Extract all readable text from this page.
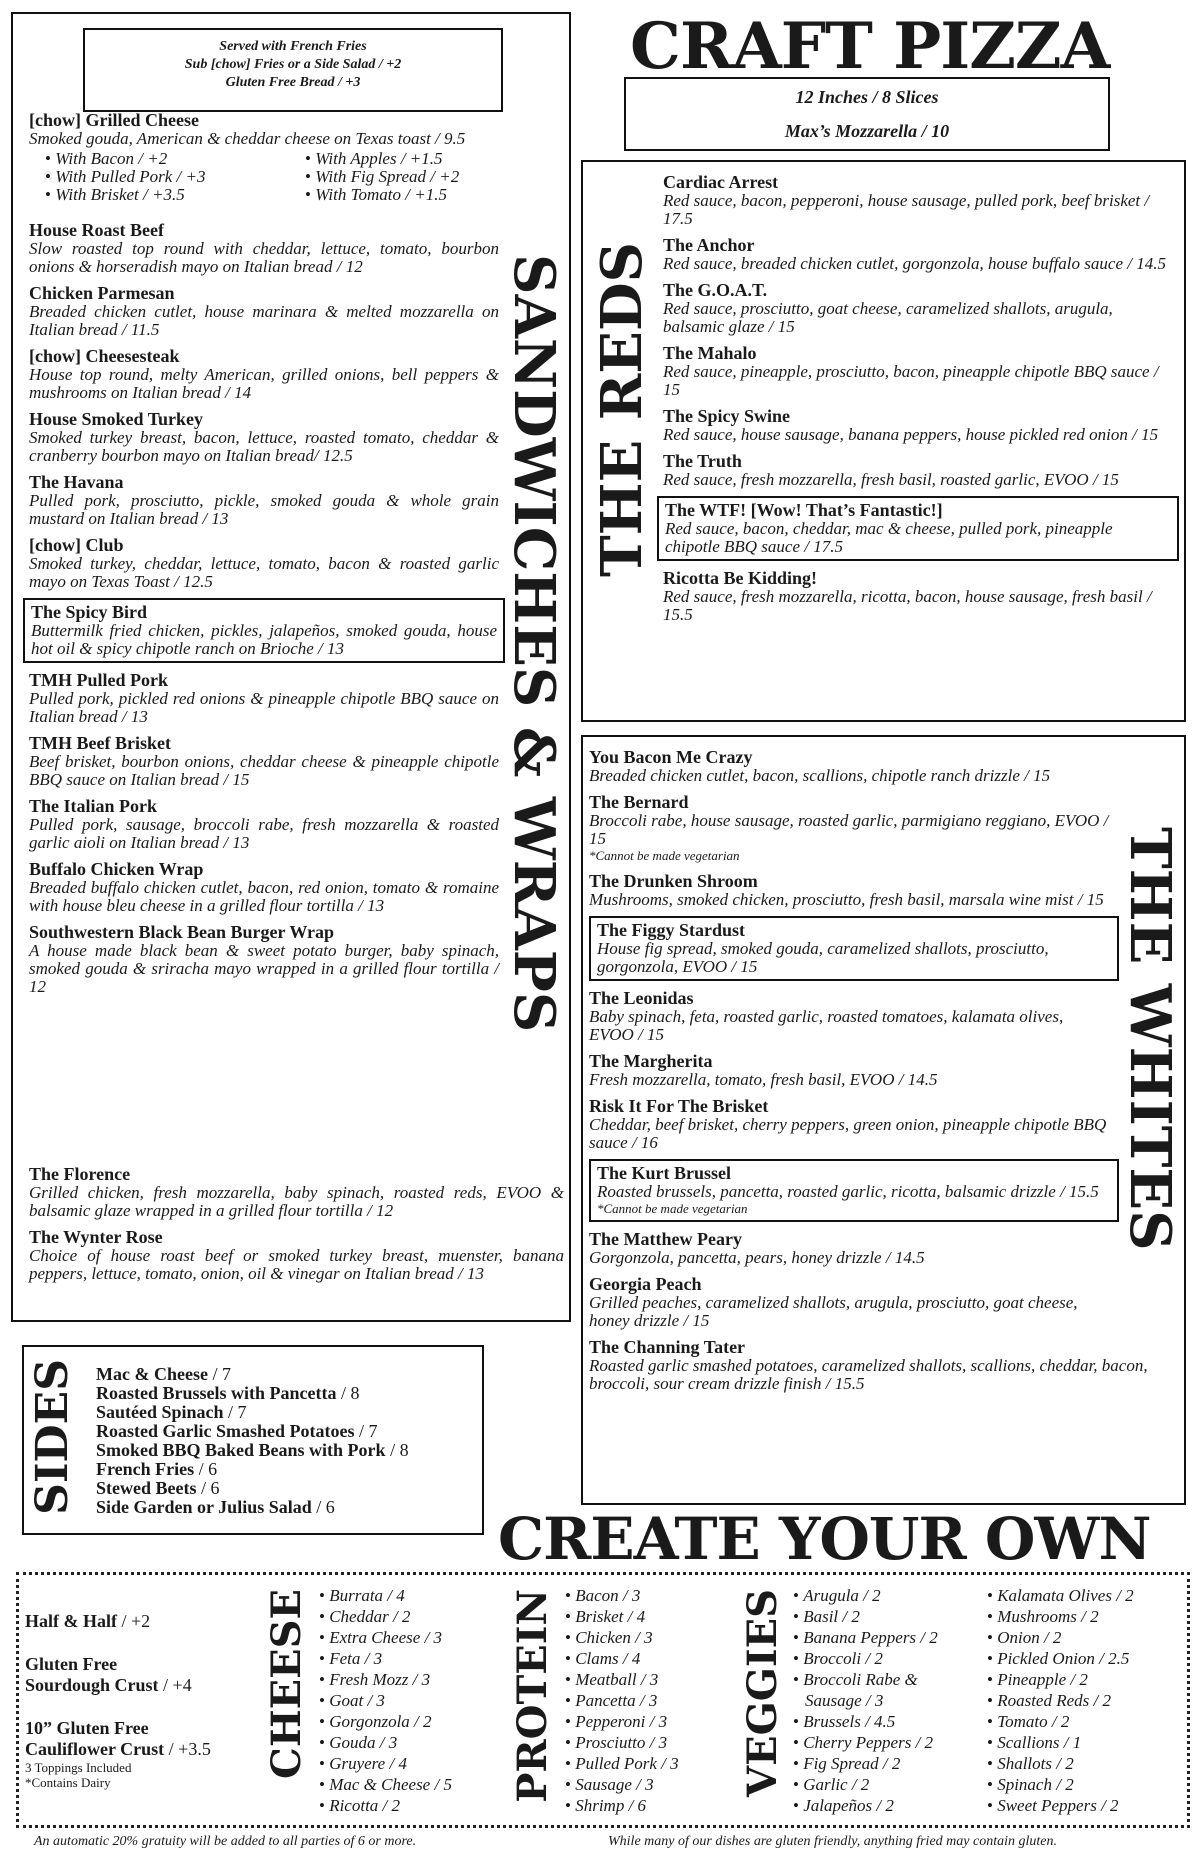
Served with French Fries
Sub [chow] Fries or a Side Salad / +2
Gluten Free Bread / +3
[chow] Grilled Cheese
Smoked gouda, American & cheddar cheese on Texas toast / 9.5
• With Bacon / +2	• With Apples / +1.5
• With Pulled Pork / +3	• With Fig Spread / +2
• With Brisket / +3.5	• With Tomato / +1.5
House Roast Beef
Slow roasted top round with cheddar, lettuce, tomato, bourbon onions & horseradish mayo on Italian bread / 12
Chicken Parmesan
Breaded chicken cutlet, house marinara & melted mozzarella on Italian bread / 11.5
[chow] Cheesesteak
House top round, melty American, grilled onions, bell peppers & mushrooms on Italian bread / 14
House Smoked Turkey
Smoked turkey breast, bacon, lettuce, roasted tomato, cheddar & cranberry bourbon mayo on Italian bread/ 12.5
The Havana
Pulled pork, prosciutto, pickle, smoked gouda & whole grain mustard on Italian bread / 13
[chow] Club
Smoked turkey, cheddar, lettuce, tomato, bacon & roasted garlic mayo on Texas Toast / 12.5
The Spicy Bird
Buttermilk fried chicken, pickles, jalapeños, smoked gouda, house hot oil & spicy chipotle ranch on Brioche / 13
TMH Pulled Pork
Pulled pork, pickled red onions & pineapple chipotle BBQ sauce on Italian bread / 13
TMH Beef Brisket
Beef brisket, bourbon onions, cheddar cheese & pineapple chipotle BBQ sauce on Italian bread / 15
The Italian Pork
Pulled pork, sausage, broccoli rabe, fresh mozzarella & roasted garlic aioli on Italian bread / 13
Buffalo Chicken Wrap
Breaded buffalo chicken cutlet, bacon, red onion, tomato & romaine with house bleu cheese in a grilled flour tortilla / 13
Southwestern Black Bean Burger Wrap
A house made black bean & sweet potato burger, baby spinach, smoked gouda & sriracha mayo wrapped in a grilled flour tortilla / 12
The Florence
Grilled chicken, fresh mozzarella, baby spinach, roasted reds, EVOO & balsamic glaze wrapped in a grilled flour tortilla / 12
The Wynter Rose
Choice of house roast beef or smoked turkey breast, muenster, banana peppers, lettuce, tomato, onion, oil & vinegar on Italian bread / 13
SANDWICHES & WRAPS
CRAFT PIZZA
12 Inches / 8 Slices
Max’s Mozzarella / 10
THE REDS
Cardiac Arrest
Red sauce, bacon, pepperoni, house sausage, pulled pork, beef brisket / 17.5
The Anchor
Red sauce, breaded chicken cutlet, gorgonzola, house buffalo sauce / 14.5
The G.O.A.T.
Red sauce, prosciutto, goat cheese, caramelized shallots, arugula, balsamic glaze / 15
The Mahalo
Red sauce, pineapple, prosciutto, bacon, pineapple chipotle BBQ sauce / 15
The Spicy Swine
Red sauce, house sausage, banana peppers, house pickled red onion / 15
The Truth
Red sauce, fresh mozzarella, fresh basil, roasted garlic, EVOO / 15
The WTF! [Wow! That’s Fantastic!]
Red sauce, bacon, cheddar, mac & cheese, pulled pork, pineapple chipotle BBQ sauce / 17.5
Ricotta Be Kidding!
Red sauce, fresh mozzarella, ricotta, bacon, house sausage, fresh basil / 15.5
You Bacon Me Crazy
Breaded chicken cutlet, bacon, scallions, chipotle ranch drizzle / 15
The Bernard
Broccoli rabe, house sausage, roasted garlic, parmigiano reggiano, EVOO / 15
*Cannot be made vegetarian
The Drunken Shroom
Mushrooms, smoked chicken, prosciutto, fresh basil, marsala wine mist / 15
The Figgy Stardust
House fig spread, smoked gouda, caramelized shallots, prosciutto, gorgonzola, EVOO / 15
The Leonidas
Baby spinach, feta, roasted garlic, roasted tomatoes, kalamata olives, EVOO / 15
The Margherita
Fresh mozzarella, tomato, fresh basil, EVOO / 14.5
Risk It For The Brisket
Cheddar, beef brisket, cherry peppers, green onion, pineapple chipotle BBQ sauce / 16
The Kurt Brussel
Roasted brussels, pancetta, roasted garlic, ricotta, balsamic drizzle / 15.5
*Cannot be made vegetarian
The Matthew Peary
Gorgonzola, pancetta, pears, honey drizzle / 14.5
Georgia Peach
Grilled peaches, caramelized shallots, arugula, prosciutto, goat cheese, honey drizzle / 15
The Channing Tater
Roasted garlic smashed potatoes, caramelized shallots, scallions, cheddar, bacon, broccoli, sour cream drizzle finish / 15.5
THE WHITES
SIDES Mac & Cheese / 7
Roasted Brussels with Pancetta / 8
Sautéed Spinach / 7
Roasted Garlic Smashed Potatoes / 7
Smoked BBQ Baked Beans with Pork / 8
French Fries / 6
Stewed Beets / 6
Side Garden or Julius Salad / 6	CREATE YOUR OWN
Half & Half / +2
Gluten Free
Sourdough Crust / +4
10” Gluten Free
Cauliflower Crust / +3.5
3 Toppings Included
*Contains Dairy
CHEESE	• Burrata / 4
• Cheddar / 2
• Extra Cheese / 3
• Feta / 3
• Fresh Mozz / 3
• Goat / 3
• Gorgonzola / 2
• Gouda / 3
• Gruyere / 4
• Mac & Cheese / 5
• Ricotta / 2
PROTEIN	• Bacon / 3
• Brisket / 4
• Chicken / 3
• Clams / 4
• Meatball / 3
• Pancetta / 3
• Pepperoni / 3
• Prosciutto / 3
• Pulled Pork / 3
• Sausage / 3
• Shrimp / 6
VEGGIES	• Arugula / 2
• Basil / 2
• Banana Peppers / 2
• Broccoli / 2
• Broccoli Rabe &
Sausage / 3
• Brussels / 4.5
• Cherry Peppers / 2
• Fig Spread / 2
• Garlic / 2
• Jalapeños / 2
• Kalamata Olives / 2
• Mushrooms / 2
• Onion / 2
• Pickled Onion / 2.5
• Pineapple / 2
• Roasted Reds / 2
• Tomato / 2
• Scallions / 1
• Shallots / 2
• Spinach / 2
• Sweet Peppers / 2
An automatic 20% gratuity will be added to all parties of 6 or more.	While many of our dishes are gluten friendly, anything fried may contain gluten.
